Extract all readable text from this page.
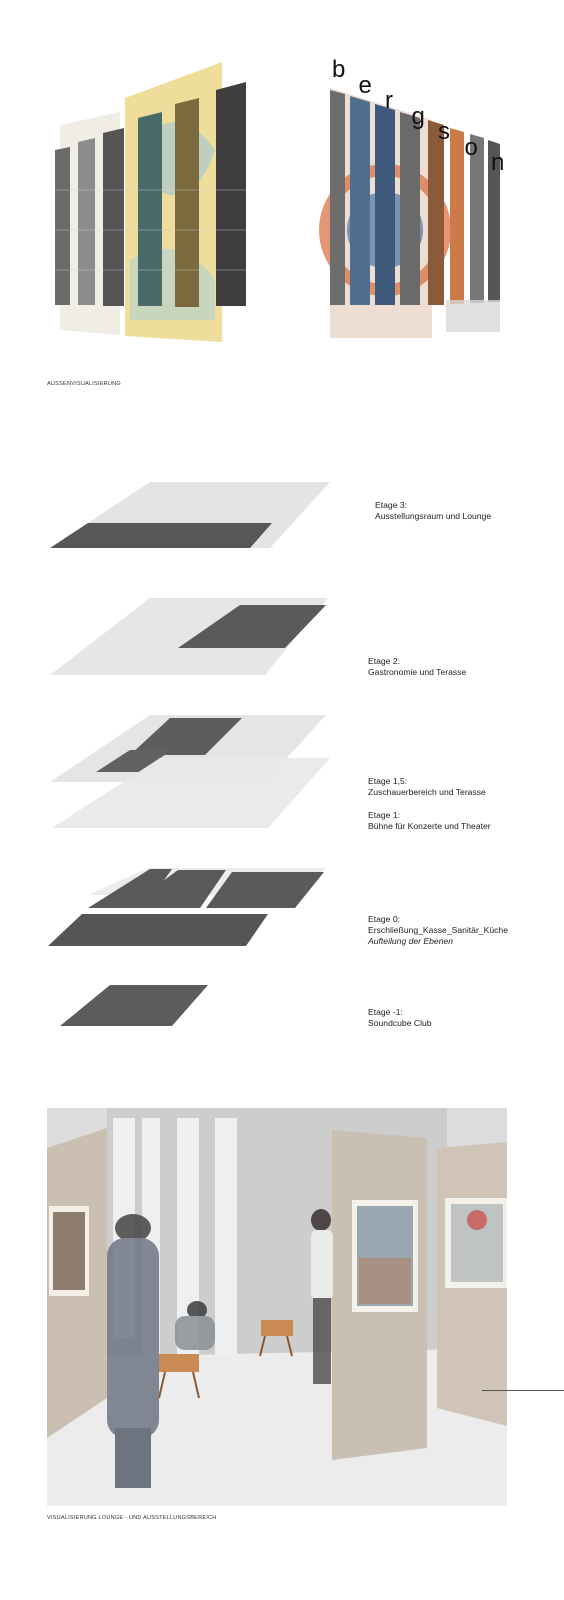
b
e
r
g
s
o
n
AUSSENVISUALISIERUNG
Etage 3:
Ausstellungsraum und Lounge
Etage 2:
Gastronomie und Terasse
Etage 1,5:
Zuschauerbereich und Terasse
Etage 1:
Bühne für Konzerte und Theater
Etage 0:
Erschließung_Kasse_Sanitär_Küche
Aufteilung der Ebenen
Etage -1:
Soundcube Club
VISUALISIERUNG LOUNGE - UND AUSSTELLUNGSBEREICH
